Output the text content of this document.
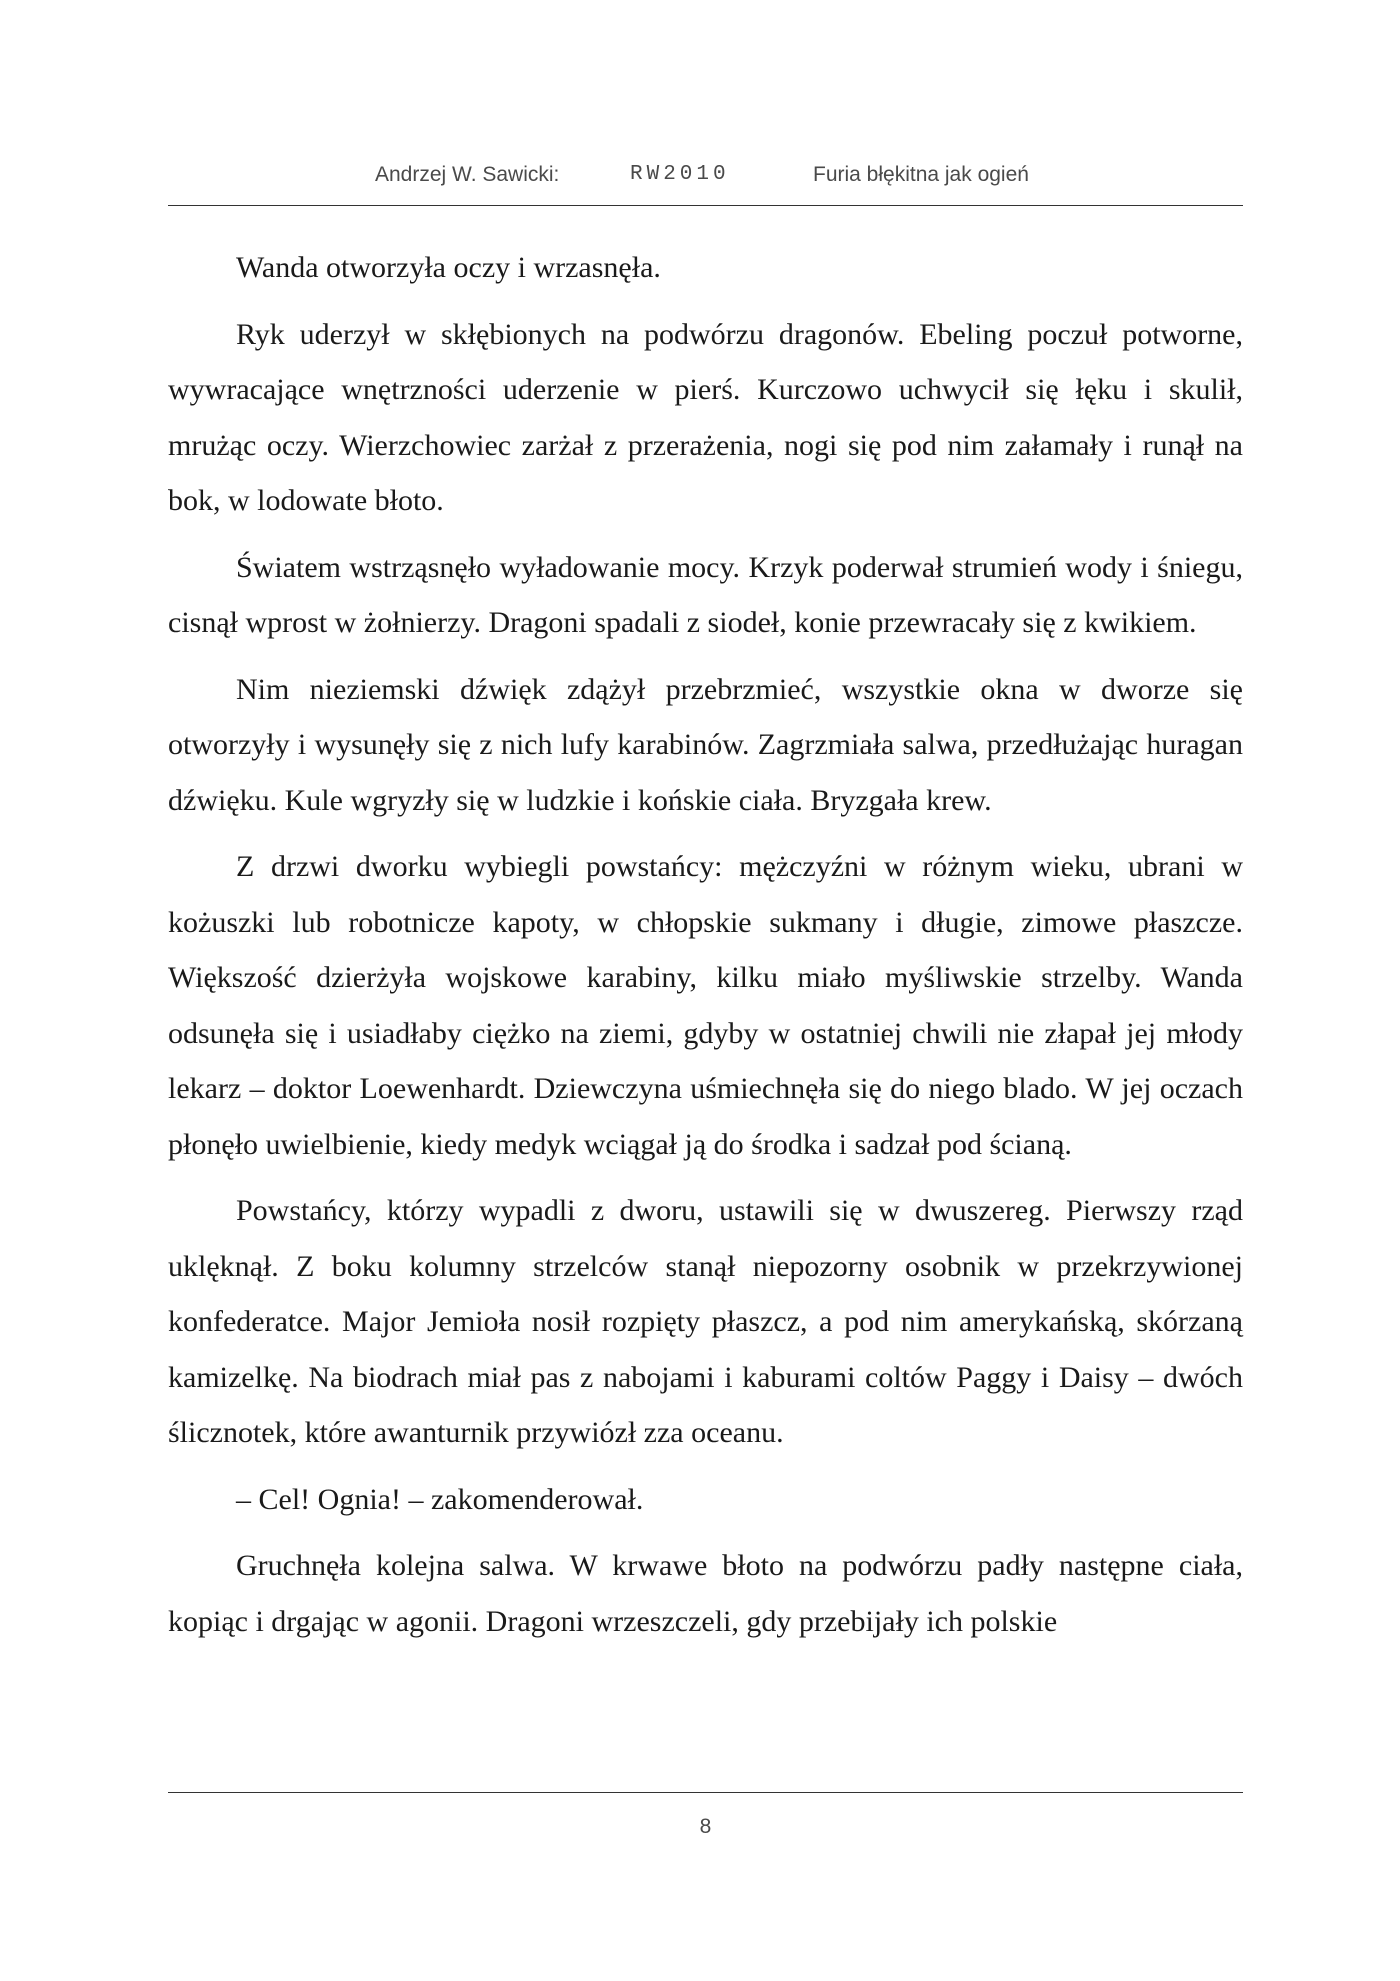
Andrzej W. Sawicki:	RW2010	Furia błękitna jak ogień

Wanda otworzyła oczy i wrzasnęła.

Ryk uderzył w skłębionych na podwórzu dragonów. Ebeling poczuł potworne, wywracające wnętrzności uderzenie w pierś. Kurczowo uchwycił się łęku i skulił, mrużąc oczy. Wierzchowiec zarżał z przerażenia, nogi się pod nim załamały i runął na bok, w lodowate błoto.

Światem wstrząsnęło wyładowanie mocy. Krzyk poderwał strumień wody i śniegu, cisnął wprost w żołnierzy. Dragoni spadali z siodeł, konie przewracały się z kwikiem.

Nim nieziemski dźwięk zdążył przebrzmieć, wszystkie okna w dworze się otworzyły i wysunęły się z nich lufy karabinów. Zagrzmiała salwa, przedłużając huragan dźwięku. Kule wgryzły się w ludzkie i końskie ciała. Bryzgała krew.

Z drzwi dworku wybiegli powstańcy: mężczyźni w różnym wieku, ubrani w kożuszki lub robotnicze kapoty, w chłopskie sukmany i długie, zimowe płaszcze. Większość dzierżyła wojskowe karabiny, kilku miało myśliwskie strzelby. Wanda odsunęła się i usiadłaby ciężko na ziemi, gdyby w ostatniej chwili nie złapał jej młody lekarz – doktor Loewenhardt. Dziewczyna uśmiechnęła się do niego blado. W jej oczach płonęło uwielbienie, kiedy medyk wciągał ją do środka i sadzał pod ścianą.

Powstańcy, którzy wypadli z dworu, ustawili się w dwuszereg. Pierwszy rząd uklęknął. Z boku kolumny strzelców stanął niepozorny osobnik w przekrzywionej konfederatce. Major Jemioła nosił rozpięty płaszcz, a pod nim amerykańską, skórzaną kamizelkę. Na biodrach miał pas z nabojami i kaburami coltów Paggy i Daisy – dwóch ślicznotek, które awanturnik przywiózł zza oceanu.

– Cel! Ognia! – zakomenderował.

Gruchnęła kolejna salwa. W krwawe błoto na podwórzu padły następne ciała, kopiąc i drgając w agonii. Dragoni wrzeszczeli, gdy przebijały ich polskie

8
